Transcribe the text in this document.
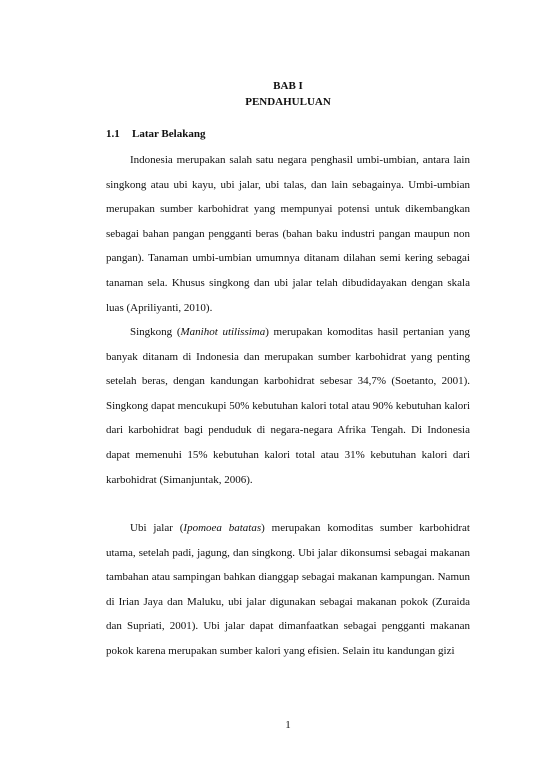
BAB I
PENDAHULUAN
1.1 Latar Belakang

Indonesia merupakan salah satu negara penghasil umbi-umbian, antara lain singkong atau ubi kayu, ubi jalar, ubi talas, dan lain sebagainya. Umbi-umbian merupakan sumber karbohidrat yang mempunyai potensi untuk dikembangkan sebagai bahan pangan pengganti beras (bahan baku industri pangan maupun non pangan). Tanaman umbi-umbian umumnya ditanam dilahan semi kering sebagai tanaman sela. Khusus singkong dan ubi jalar telah dibudidayakan dengan skala luas (Apriliyanti, 2010).

Singkong (Manihot utilissima) merupakan komoditas hasil pertanian yang banyak ditanam di Indonesia dan merupakan sumber karbohidrat yang penting setelah beras, dengan kandungan karbohidrat sebesar 34,7% (Soetanto, 2001). Singkong dapat mencukupi 50% kebutuhan kalori total atau 90% kebutuhan kalori dari karbohidrat bagi penduduk di negara-negara Afrika Tengah. Di Indonesia dapat memenuhi 15% kebutuhan kalori total atau 31% kebutuhan kalori dari karbohidrat (Simanjuntak, 2006).

Ubi jalar (Ipomoea batatas) merupakan komoditas sumber karbohidrat utama, setelah padi, jagung, dan singkong. Ubi jalar dikonsumsi sebagai makanan tambahan atau sampingan bahkan dianggap sebagai makanan kampungan. Namun di Irian Jaya dan Maluku, ubi jalar digunakan sebagai makanan pokok (Zuraida dan Supriati, 2001). Ubi jalar dapat dimanfaatkan sebagai pengganti makanan pokok karena merupakan sumber kalori yang efisien. Selain itu kandungan gizi

1
